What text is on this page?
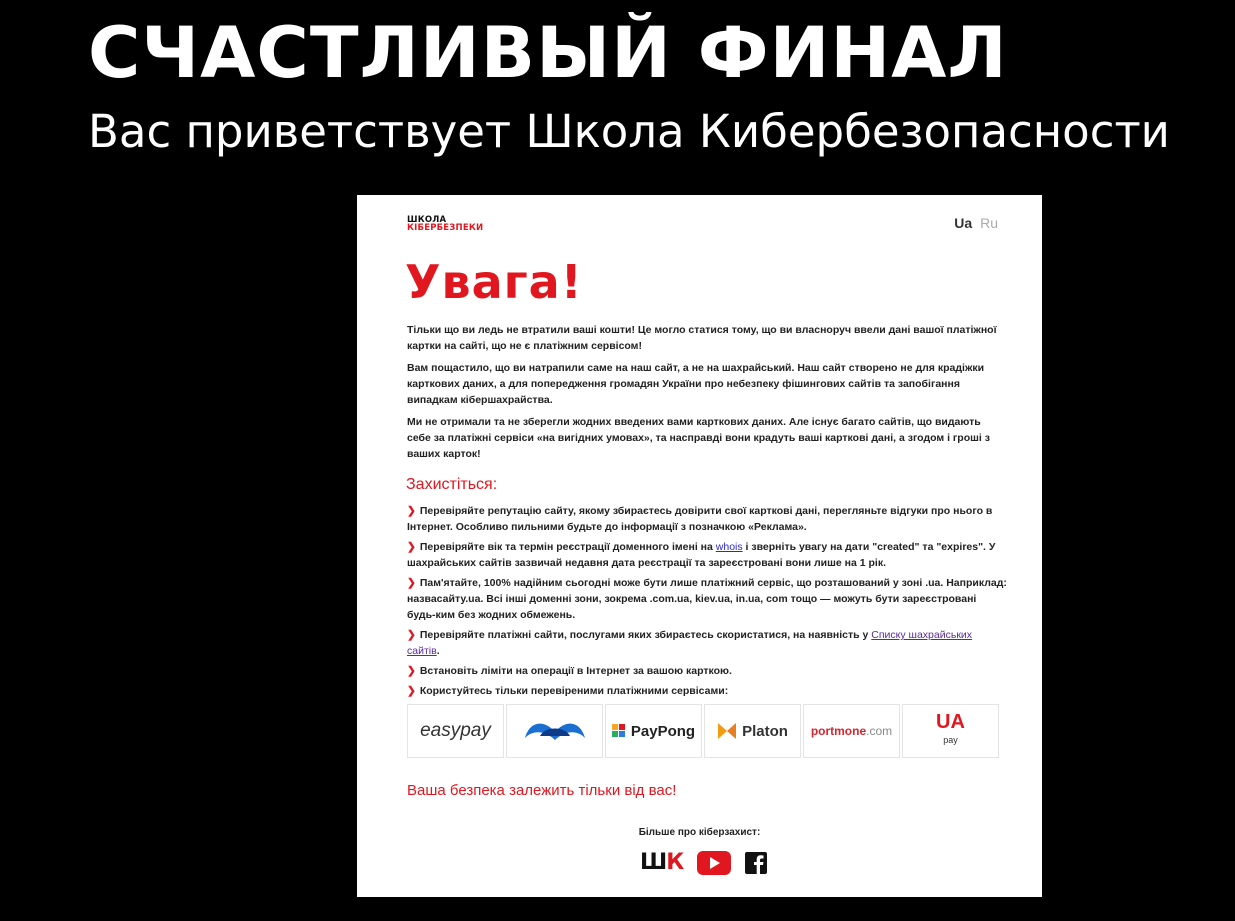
СЧАСТЛИВЫЙ ФИНАЛ
Вас приветствует Школа Кибербезопасности
ШКОЛА
КІБЕРБЕЗПЕКИ	Ua Ru
Увага!

Тільки що ви ледь не втратили ваші кошти! Це могло статися тому, що ви власноруч ввели дані вашої платіжної картки на сайті, що не є платіжним сервісом!

Вам пощастило, що ви натрапили саме на наш сайт, а не на шахрайський. Наш сайт створено не для крадіжки карткових даних, а для попередження громадян України про небезпеку фішингових сайтів та запобігання випадкам кібершахрайства.

Ми не отримали та не зберегли жодних введених вами карткових даних. Але існує багато сайтів, що видають себе за платіжні сервіси «на вигідних умовах», та насправді вони крадуть ваші карткові дані, а згодом і гроші з ваших карток!

Захистіться:
❯ Перевіряйте репутацію сайту, якому збираєтесь довірити свої карткові дані, перегляньте відгуки про нього в Інтернет. Особливо пильними будьте до інформації з позначкою «Реклама».
❯ Перевіряйте вік та термін реєстрації доменного імені на whois і зверніть увагу на дати "created" та "expires". У шахрайських сайтів зазвичай недавня дата реєстрації та зареєстровані вони лише на 1 рік.
❯ Пам'ятайте, 100% надійним сьогодні може бути лише платіжний сервіс, що розташований у зоні .ua. Наприклад: назвасайту.ua. Всі інші доменні зони, зокрема .com.ua, kiev.ua, in.ua, com тощо — можуть бути зареєстровані будь-ким без жодних обмежень.
❯ Перевіряйте платіжні сайти, послугами яких збираєтесь скористатися, на наявність у Списку шахрайських сайтів.
❯ Встановіть ліміти на операції в Інтернет за вашою карткою.
❯ Користуйтесь тільки перевіреними платіжними сервісами:
easypay	PayPong	Platon portmone .com UA
pay
Ваша безпека залежить тільки від вас!
Більше про кіберзахист:
ШК
